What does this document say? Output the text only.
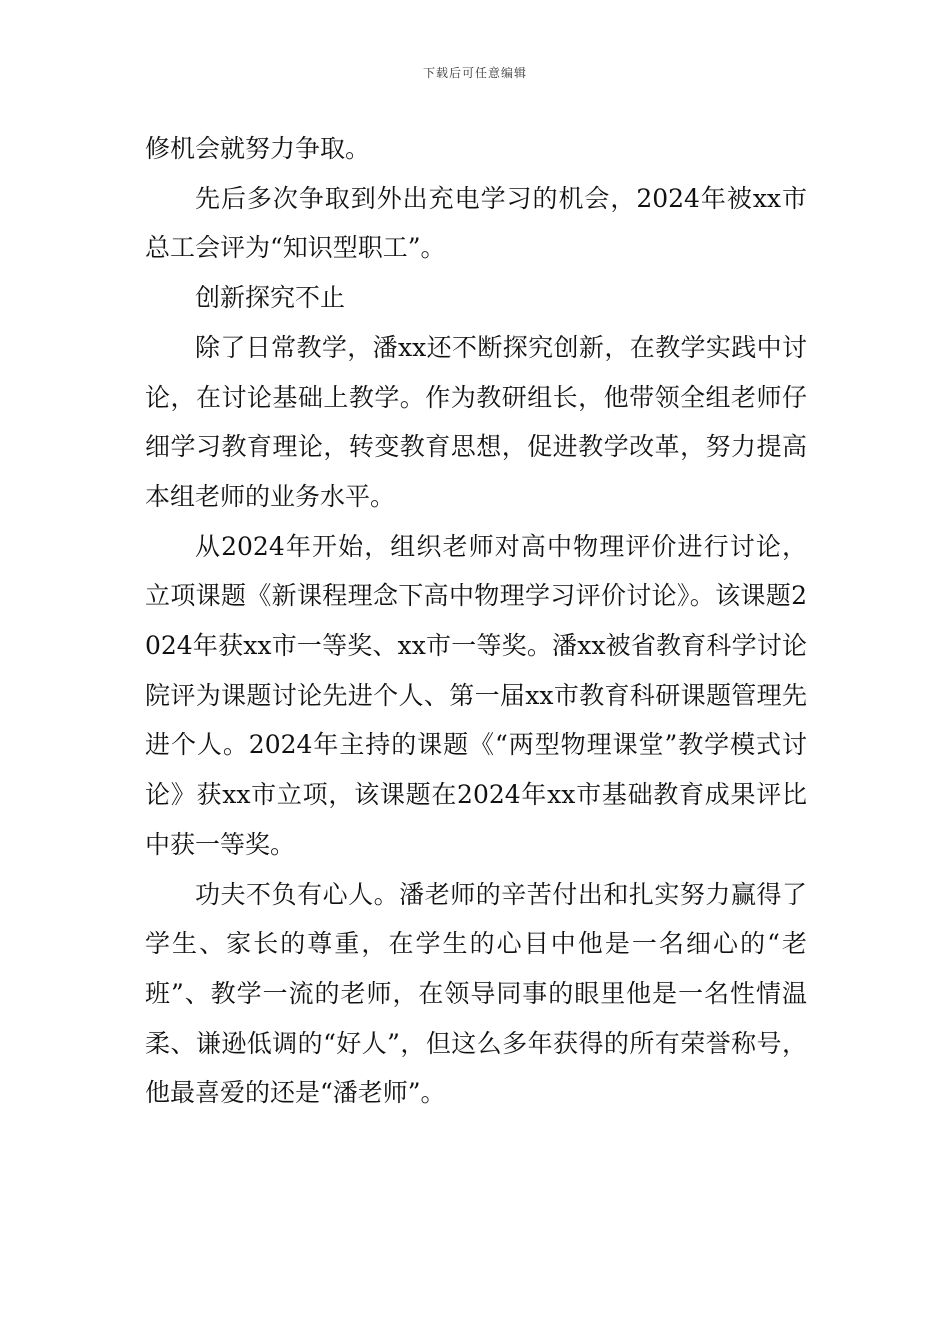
下载后可任意编辑

修机会就努力争取。

先后多次争取到外出充电学习的机会，2024年被xx市总工会评为“知识型职工”。

创新探究不止

除了日常教学，潘xx还不断探究创新，在教学实践中讨论，在讨论基础上教学。作为教研组长，他带领全组老师仔细学习教育理论，转变教育思想，促进教学改革，努力提高本组老师的业务水平。

从2024年开始，组织老师对高中物理评价进行讨论，立项课题《新课程理念下高中物理学习评价讨论》。该课题2024年获xx市一等奖、xx市一等奖。潘xx被省教育科学讨论院评为课题讨论先进个人、第一届xx市教育科研课题管理先进个人。2024年主持的课题《“两型物理课堂”教学模式讨论》获xx市立项，该课题在2024年xx市基础教育成果评比中获一等奖。

功夫不负有心人。潘老师的辛苦付出和扎实努力赢得了学生、家长的尊重，在学生的心目中他是一名细心的“老班”、教学一流的老师，在领导同事的眼里他是一名性情温柔、谦逊低调的“好人”，但这么多年获得的所有荣誉称号，他最喜爱的还是“潘老师”。
